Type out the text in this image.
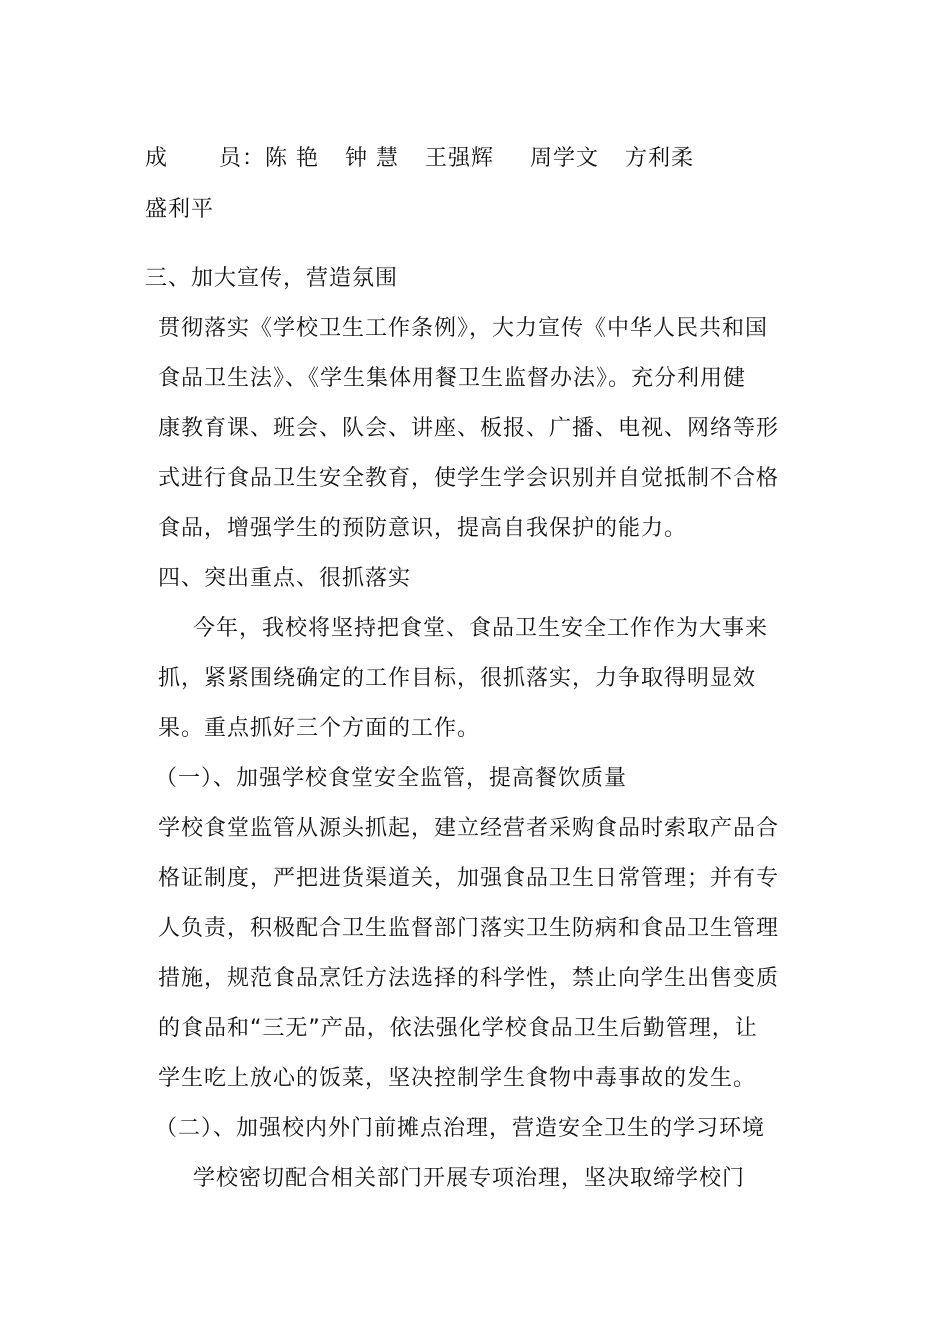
成 员：陈 艳 钟 慧 王强辉 周学文 方利柔
盛利平
三、加大宣传，营造氛围
贯彻落实《学校卫生工作条例》，大力宣传《中华人民共和国
食品卫生法》、《学生集体用餐卫生监督办法》。充分利用健
康教育课、班会、队会、讲座、板报、广播、电视、网络等形
式进行食品卫生安全教育，使学生学会识别并自觉抵制不合格
食品，增强学生的预防意识，提高自我保护的能力。
四、突出重点、很抓落实
今年，我校将坚持把食堂、食品卫生安全工作作为大事来
抓，紧紧围绕确定的工作目标，很抓落实，力争取得明显效
果。重点抓好三个方面的工作。
（一）、加强学校食堂安全监管，提高餐饮质量
学校食堂监管从源头抓起，建立经营者采购食品时索取产品合
格证制度，严把进货渠道关，加强食品卫生日常管理；并有专
人负责，积极配合卫生监督部门落实卫生防病和食品卫生管理
措施，规范食品烹饪方法选择的科学性，禁止向学生出售变质
的食品和“三无”产品，依法强化学校食品卫生后勤管理，让
学生吃上放心的饭菜，坚决控制学生食物中毒事故的发生。
（二）、加强校内外门前摊点治理，营造安全卫生的学习环境
学校密切配合相关部门开展专项治理，坚决取缔学校门
